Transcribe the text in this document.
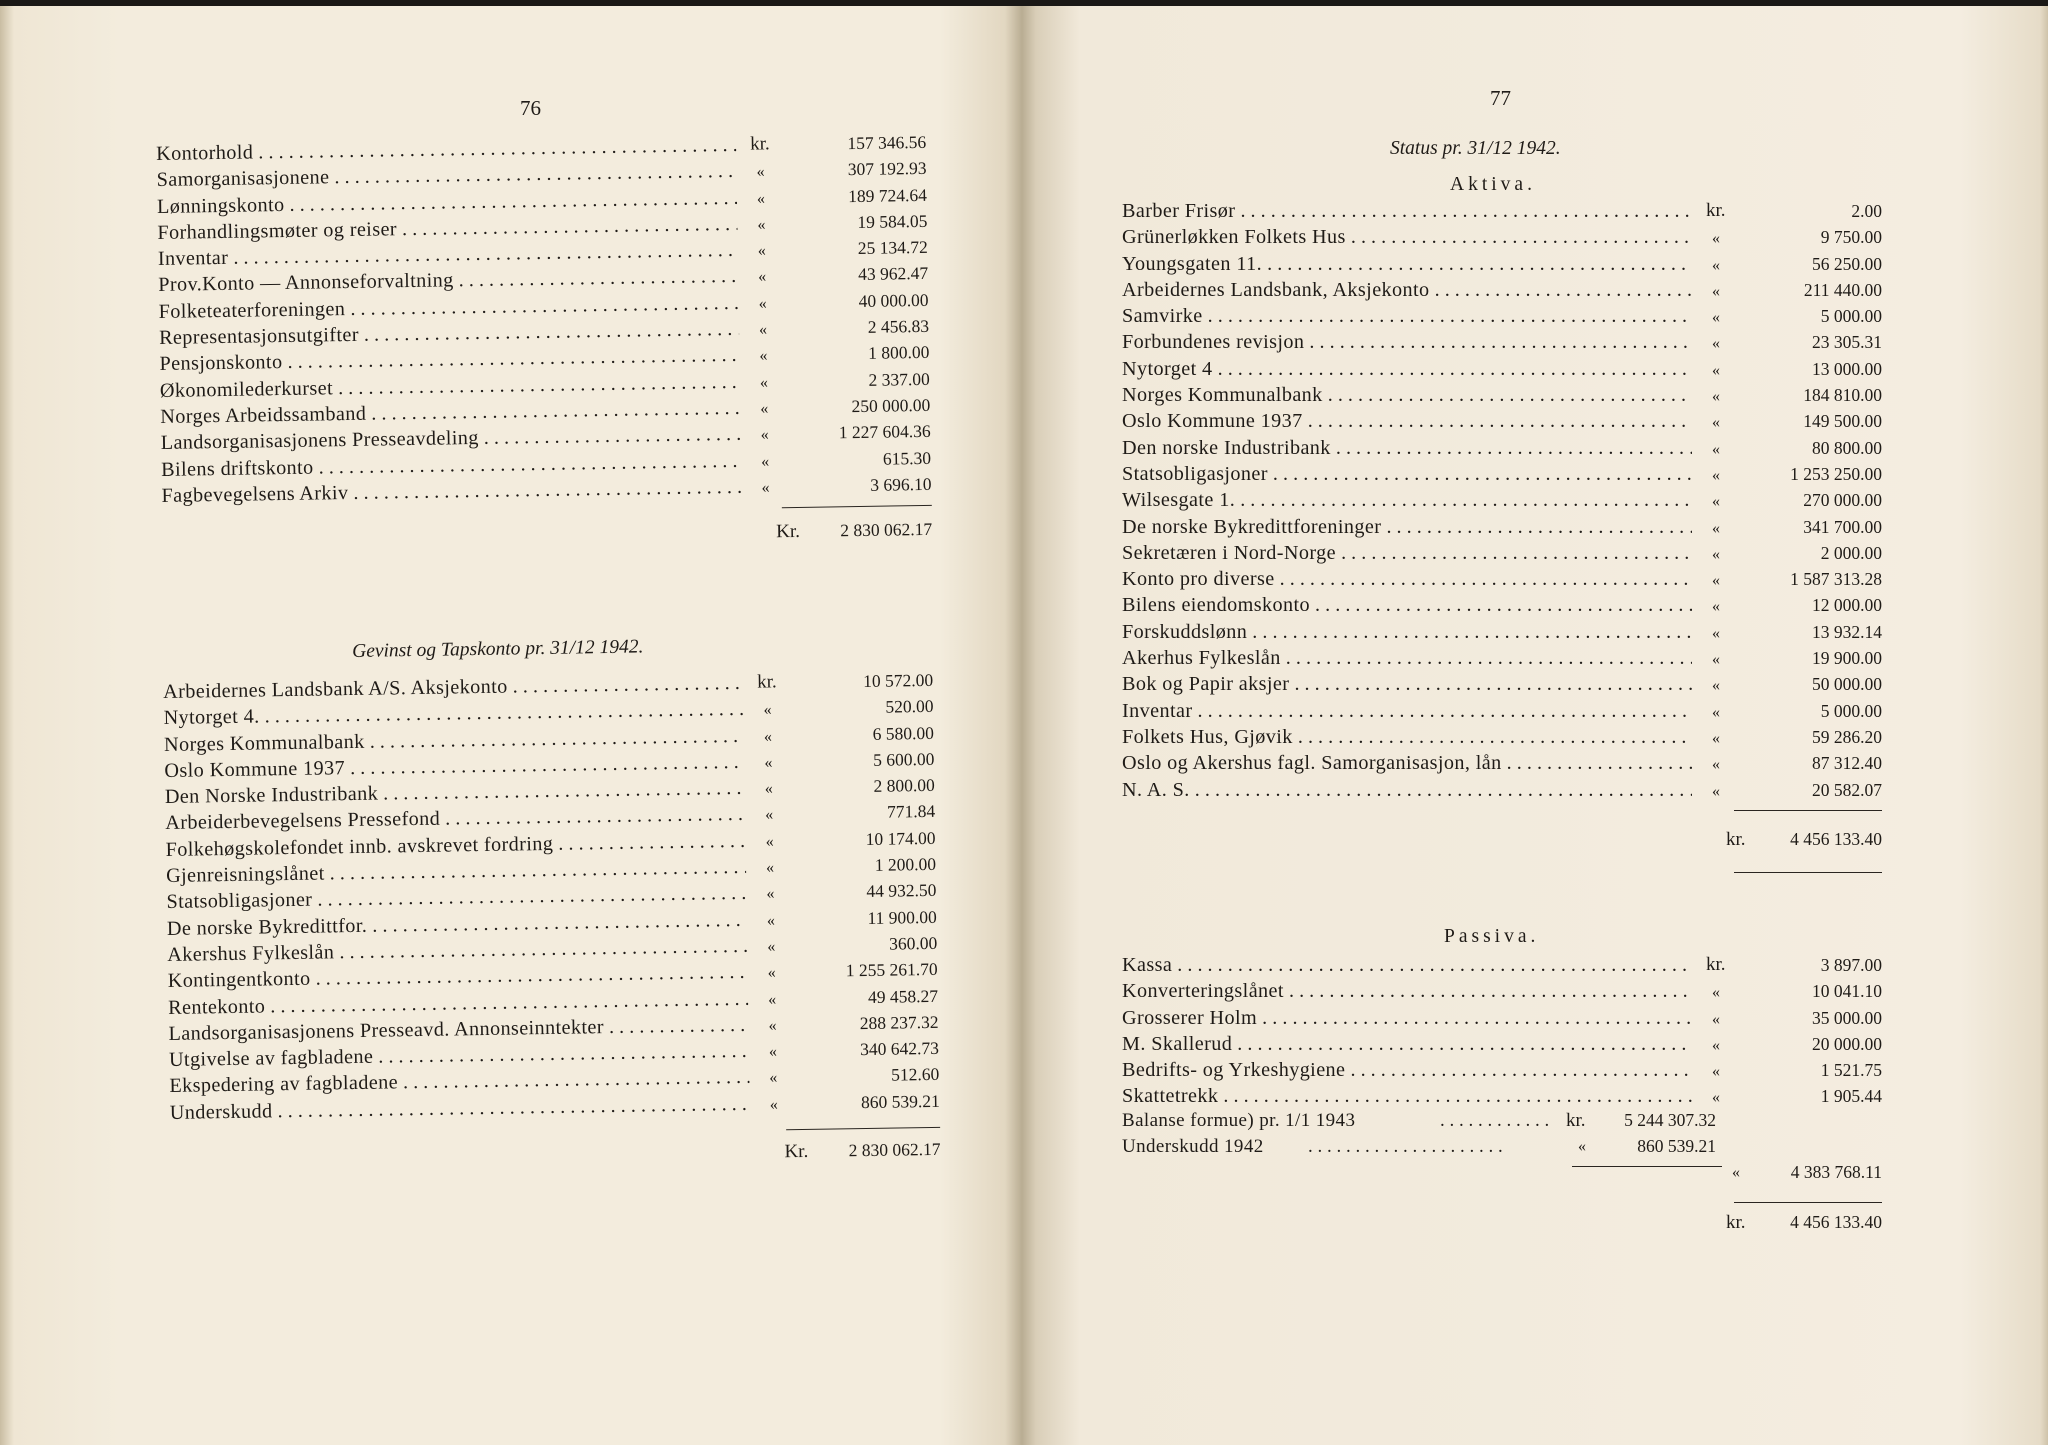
76
Kontorhold . . .	kr.	157 346.56
Samorganisasjonene . . .	«	307 192.93
Lønningskonto . . .	«	189 724.64
Forhandlingsmøter og reiser . . .	«	19 584.05
Inventar . . .	«	25 134.72
Prov.Konto — Annonseforvaltning . . .	«	43 962.47
Folketeaterforeningen . . .	«	40 000.00
Representasjonsutgifter . . .	«	2 456.83
Pensjonskonto . . .	«	1 800.00
Økonomilederkurset . . .	«	2 337.00
Norges Arbeidssamband . . .	«	250 000.00
Landsorganisasjonens Presseavdeling . . .	«	1 227 604.36
Bilens driftskonto . . .	«	615.30
Fagbevegelsens Arkiv . . .	«	3 696.10
Kr.	2 830 062.17
Gevinst og Tapskonto pr. 31/12 1942.
Arbeidernes Landsbank A/S. Aksjekonto . . .	kr.	10 572.00
Nytorget 4. . . .	«	520.00
Norges Kommunalbank . . .	«	6 580.00
Oslo Kommune 1937 . . .	«	5 600.00
Den Norske Industribank . . .	«	2 800.00
Arbeiderbevegelsens Pressefond . . .	«	771.84
Folkehøgskolefondet innb. avskrevet fordring . . .	«	10 174.00
Gjenreisningslånet . . .	«	1 200.00
Statsobligasjoner . . .	«	44 932.50
De norske Bykredittfor. . . .	«	11 900.00
Akershus Fylkeslån . . .	«	360.00
Kontingentkonto . . .	«	1 255 261.70
Rentekonto . . .	«	49 458.27
Landsorganisasjonens Presseavd. Annonseinntekter . . .	«	288 237.32
Utgivelse av fagbladene . . .	«	340 642.73
Ekspedering av fagbladene . . .	«	512.60
Underskudd . . .	«	860 539.21
Kr.	2 830 062.17
77
Status pr. 31/12 1942.
Aktiva.
Barber Frisør . . .	kr.	2.00
Grünerløkken Folkets Hus . . .	«	9 750.00
Youngsgaten 11. . . .	«	56 250.00
Arbeidernes Landsbank, Aksjekonto . . .	«	211 440.00
Samvirke . . .	«	5 000.00
Forbundenes revisjon . . .	«	23 305.31
Nytorget 4 . . .	«	13 000.00
Norges Kommunalbank . . .	«	184 810.00
Oslo Kommune 1937 . . .	«	149 500.00
Den norske Industribank . . .	«	80 800.00
Statsobligasjoner . . .	«	1 253 250.00
Wilsesgate 1. . . .	«	270 000.00
De norske Bykredittforeninger . . .	«	341 700.00
Sekretæren i Nord-Norge . . .	«	2 000.00
Konto pro diverse . . .	«	1 587 313.28
Bilens eiendomskonto . . .	«	12 000.00
Forskuddslønn . . .	«	13 932.14
Akerhus Fylkeslån . . .	«	19 900.00
Bok og Papir aksjer . . .	«	50 000.00
Inventar . . .	«	5 000.00
Folkets Hus, Gjøvik . . .	«	59 286.20
Oslo og Akershus fagl. Samorganisasjon, lån . . .	«	87 312.40
N. A. S. . . .	«	20 582.07
kr.	4 456 133.40
Passiva.
Kassa . . .	kr.	3 897.00
Konverteringslånet . . .	«	10 041.10
Grosserer Holm . . .	«	35 000.00
M. Skallerud . . .	«	20 000.00
Bedrifts- og Yrkeshygiene . . .	«	1 521.75
Skattetrekk . . .	«	1 905.44
Balanse formue) pr. 1/1 1943	. . . . . . . . . . . . kr.	5 244 307.32
Underskudd 1942 . . . . . . . . . . . . . . . . . . . . .	«	860 539.21
«	4 383 768.11
kr.	4 456 133.40
